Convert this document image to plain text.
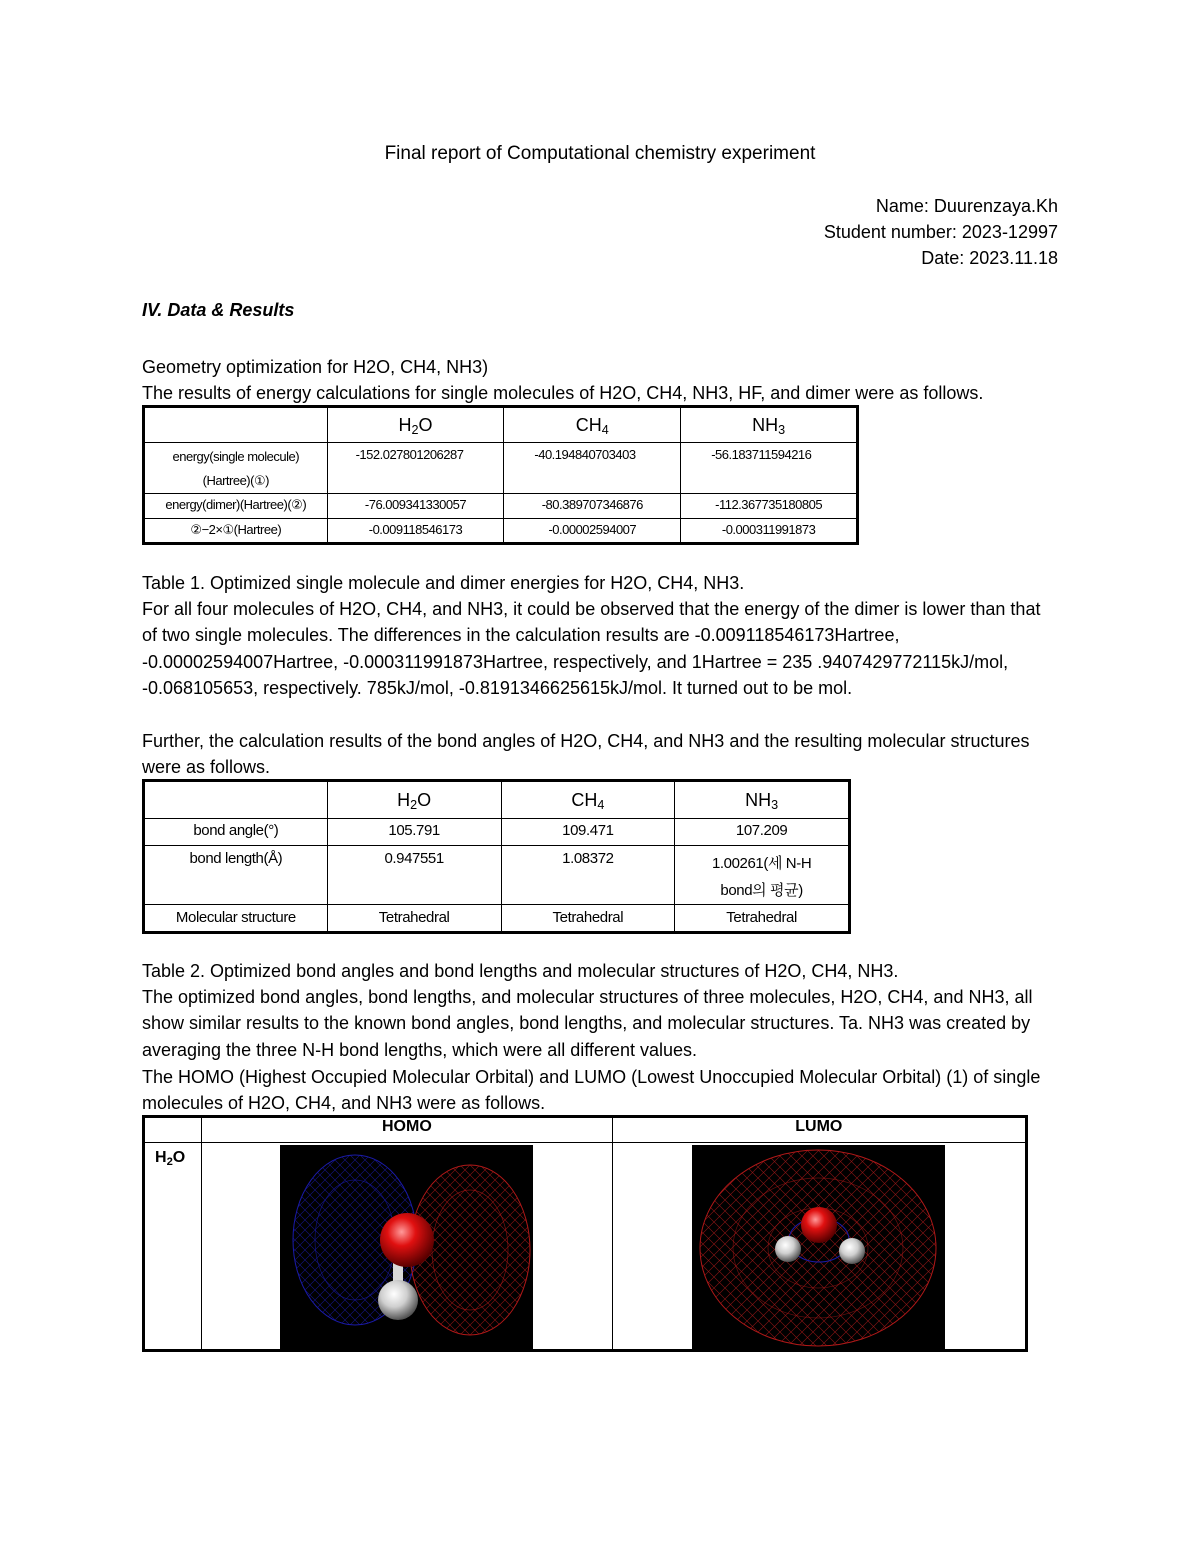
Final report of Computational chemistry experiment
Name: Duurenzaya.Kh
Student number: 2023-12997
Date: 2023.11.18
IV. Data & Results
Geometry optimization for H2O, CH4, NH3)
The results of energy calculations for single molecules of H2O, CH4, NH3, HF, and dimer were as follows.
	$H_2O$	$CH_4$	$NH_3$
energy(single molecule)(Hartree)(①)	-152.027801206287	-40.194840703403	-56.183711594216
energy(dimer)(Hartree)(②)	-76.009341330057	-80.389707346876	-112.367735180805
②−2×①(Hartree)	-0.009118546173	-0.00002594007	-0.000311991873
Table 1. Optimized single molecule and dimer energies for H2O, CH4, NH3.
For all four molecules of H2O, CH4, and NH3, it could be observed that the energy of the dimer is lower than that of two single molecules. The differences in the calculation results are -0.009118546173Hartree, -0.00002594007Hartree, -0.000311991873Hartree, respectively, and 1Hartree = 235 .9407429772115kJ/mol, -0.068105653, respectively. 785kJ/mol, -0.8191346625615kJ/mol. It turned out to be mol.
Further, the calculation results of the bond angles of H2O, CH4, and NH3 and the resulting molecular structures were as follows.
	$H_2O$	$CH_4$	$NH_3$
bond angle(°)	105.791	109.471	107.209
bond length(Å)	0.947551	1.08372	1.00261(세 N-H bond의 평균)
Molecular structure	Tetrahedral	Tetrahedral	Tetrahedral
Table 2. Optimized bond angles and bond lengths and molecular structures of H2O, CH4, NH3.
The optimized bond angles, bond lengths, and molecular structures of three molecules, H2O, CH4, and NH3, all show similar results to the known bond angles, bond lengths, and molecular structures. Ta. NH3 was created by averaging the three N-H bond lengths, which were all different values.
The HOMO (Highest Occupied Molecular Orbital) and LUMO (Lowest Unoccupied Molecular Orbital) (1) of single molecules of H2O, CH4, and NH3 were as follows.
	HOMO	LUMO
$H_2O$		
